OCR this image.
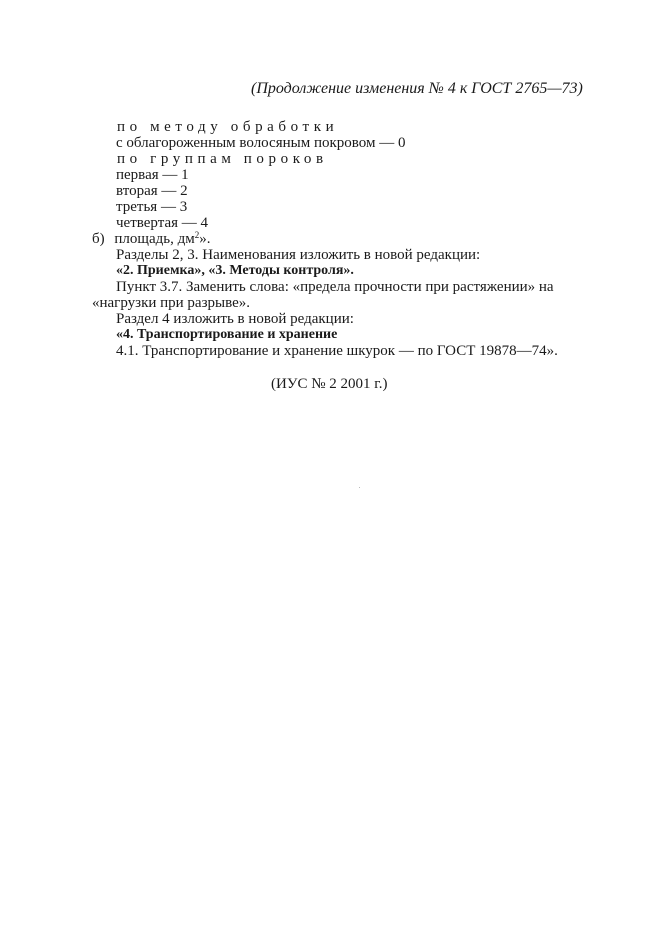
(Продолжение изменения № 4 к ГОСТ 2765—73)
по методу обработки
с облагороженным волосяным покровом — 0
по группам пороков
первая — 1
вторая — 2
третья — 3
четвертая — 4
б) площадь, $дм^2$».
Разделы 2, 3. Наименования изложить в новой редакции:
«2. Приемка», «3. Методы контроля».
Пункт 3.7. Заменить слова: «предела прочности при растяжении» на
«нагрузки при разрыве».
Раздел 4 изложить в новой редакции:
«4. Транспортирование и хранение
4.1. Транспортирование и хранение шкурок — по ГОСТ 19878—74».
(ИУС № 2 2001 г.)
